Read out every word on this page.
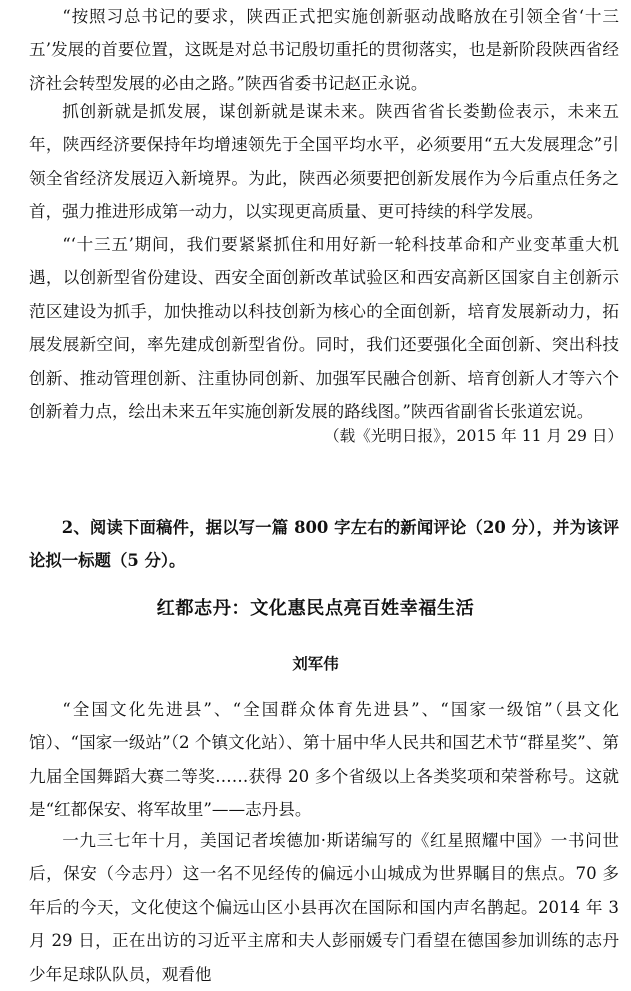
“按照习总书记的要求，陕西正式把实施创新驱动战略放在引领全省‘十三五’发展的首要位置，这既是对总书记殷切重托的贯彻落实，也是新阶段陕西省经济社会转型发展的必由之路。”陕西省委书记赵正永说。

抓创新就是抓发展，谋创新就是谋未来。陕西省省长娄勤俭表示，未来五年，陕西经济要保持年均增速领先于全国平均水平，必须要用“五大发展理念”引领全省经济发展迈入新境界。为此，陕西必须要把创新发展作为今后重点任务之首，强力推进形成第一动力，以实现更高质量、更可持续的科学发展。

“‘十三五’期间，我们要紧紧抓住和用好新一轮科技革命和产业变革重大机遇，以创新型省份建设、西安全面创新改革试验区和西安高新区国家自主创新示范区建设为抓手，加快推动以科技创新为核心的全面创新，培育发展新动力，拓展发展新空间，率先建成创新型省份。同时，我们还要强化全面创新、突出科技创新、推动管理创新、注重协同创新、加强军民融合创新、培育创新人才等六个创新着力点，绘出未来五年实施创新发展的路线图。”陕西省副省长张道宏说。

（载《光明日报》，2015 年 11 月 29 日）

2、阅读下面稿件，据以写一篇 800 字左右的新闻评论（20 分），并为该评论拟一标题（5 分）。

红都志丹：文化惠民点亮百姓幸福生活
刘军伟

“全国文化先进县”、“全国群众体育先进县”、“国家一级馆”（县文化馆）、“国家一级站”（2 个镇文化站）、第十届中华人民共和国艺术节“群星奖”、第九届全国舞蹈大赛二等奖……获得 20 多个省级以上各类奖项和荣誉称号。这就是“红都保安、将军故里”——志丹县。

一九三七年十月，美国记者埃德加·斯诺编写的《红星照耀中国》一书问世后，保安（今志丹）这一名不见经传的偏远小山城成为世界瞩目的焦点。70 多年后的今天，文化使这个偏远山区小县再次在国际和国内声名鹊起。2014 年 3 月 29 日，正在出访的习近平主席和夫人彭丽媛专门看望在德国参加训练的志丹少年足球队队员，观看他
